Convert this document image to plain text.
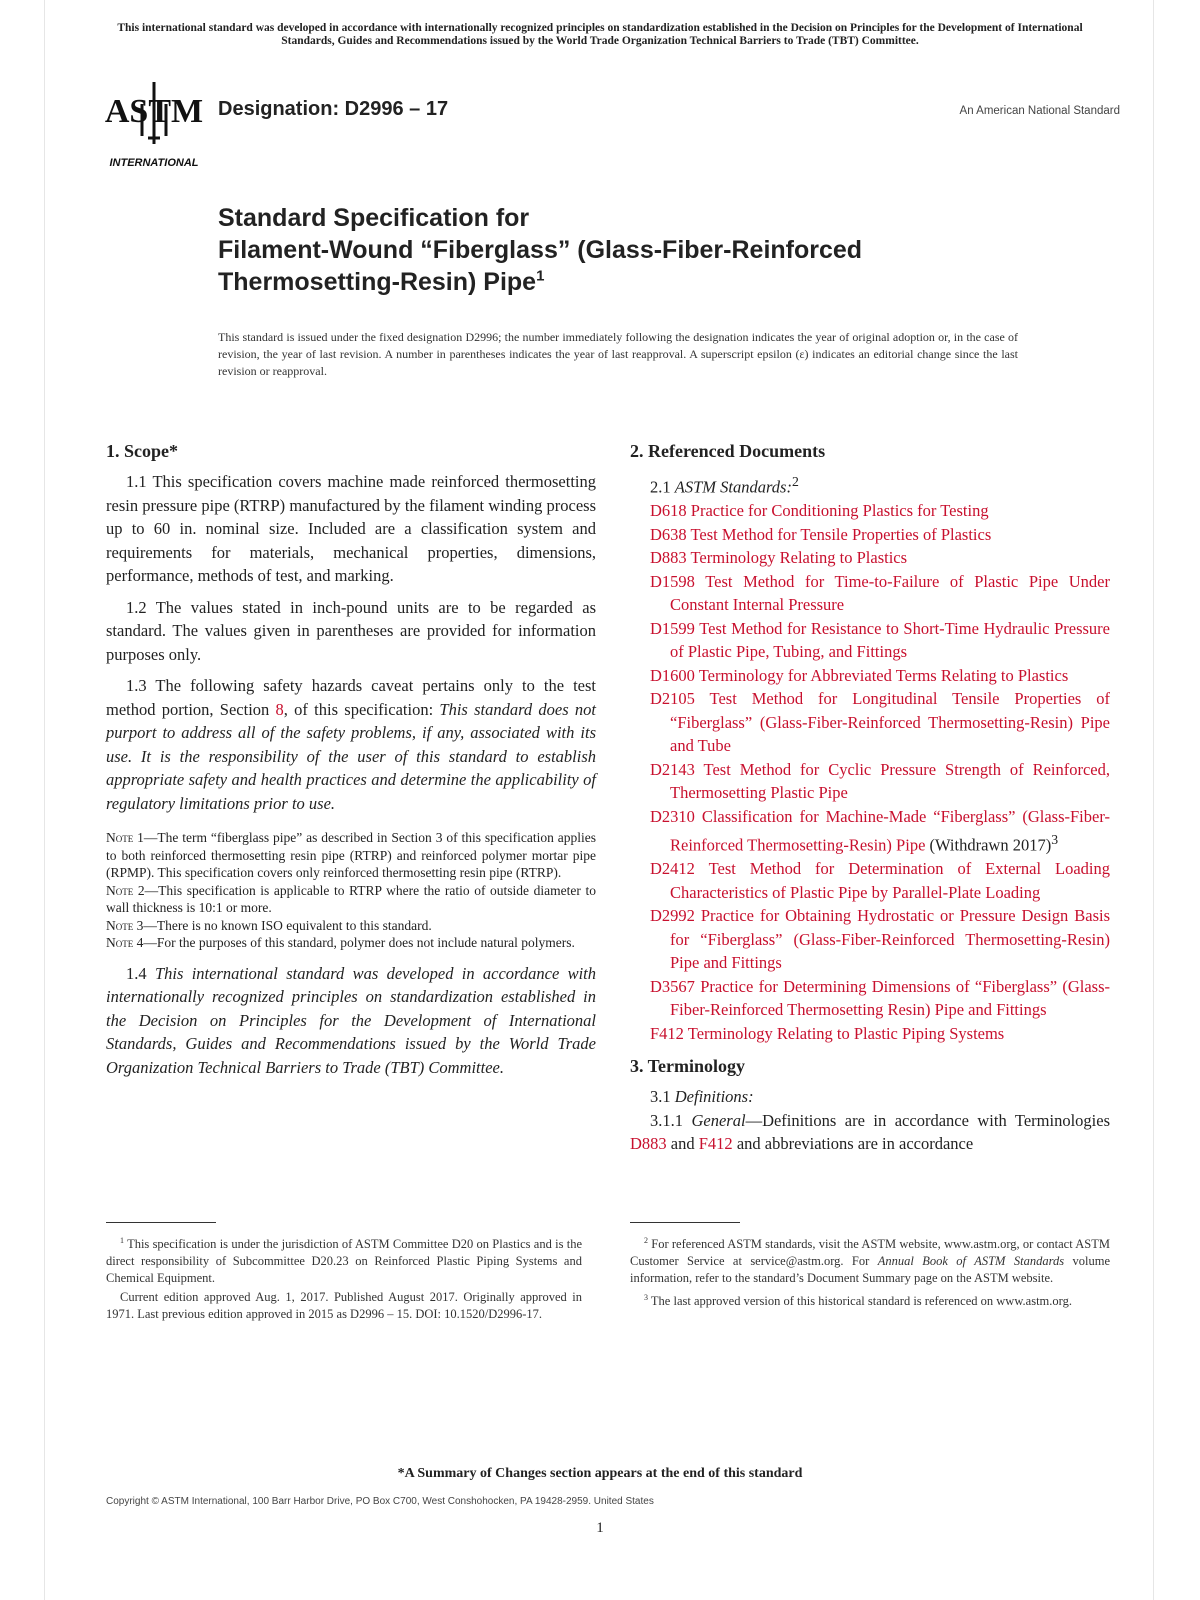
This international standard was developed in accordance with internationally recognized principles on standardization established in the Decision on Principles for the Development of International Standards, Guides and Recommendations issued by the World Trade Organization Technical Barriers to Trade (TBT) Committee.
ASTM
INTERNATIONAL
Designation: D2996 – 17	An American National Standard
Standard Specification for
Filament-Wound “Fiberglass” (Glass-Fiber-Reinforced
Thermosetting-Resin) Pipe$^1$
This standard is issued under the fixed designation D2996; the number immediately following the designation indicates the year of original adoption or, in the case of revision, the year of last revision. A number in parentheses indicates the year of last reapproval. A superscript epsilon (ε) indicates an editorial change since the last revision or reapproval.
1. Scope*

1.1 This specification covers machine made reinforced thermosetting resin pressure pipe (RTRP) manufactured by the filament winding process up to 60 in. nominal size. Included are a classification system and requirements for materials, mechanical properties, dimensions, performance, methods of test, and marking.

1.2 The values stated in inch-pound units are to be regarded as standard. The values given in parentheses are provided for information purposes only.

1.3 The following safety hazards caveat pertains only to the test method portion, Section 8, of this specification: This standard does not purport to address all of the safety problems, if any, associated with its use. It is the responsibility of the user of this standard to establish appropriate safety and health practices and determine the applicability of regulatory limitations prior to use.

Note 1—The term “fiberglass pipe” as described in Section 3 of this specification applies to both reinforced thermosetting resin pipe (RTRP) and reinforced polymer mortar pipe (RPMP). This specification covers only reinforced thermosetting resin pipe (RTRP).

Note 2—This specification is applicable to RTRP where the ratio of outside diameter to wall thickness is 10:1 or more.

Note 3—There is no known ISO equivalent to this standard.

Note 4—For the purposes of this standard, polymer does not include natural polymers.

1.4 This international standard was developed in accordance with internationally recognized principles on standardization established in the Decision on Principles for the Development of International Standards, Guides and Recommendations issued by the World Trade Organization Technical Barriers to Trade (TBT) Committee.

2. Referenced Documents

2.1 ASTM Standards:$^2$

D618 Practice for Conditioning Plastics for Testing

D638 Test Method for Tensile Properties of Plastics

D883 Terminology Relating to Plastics

D1598 Test Method for Time-to-Failure of Plastic Pipe Under Constant Internal Pressure

D1599 Test Method for Resistance to Short-Time Hydraulic Pressure of Plastic Pipe, Tubing, and Fittings

D1600 Terminology for Abbreviated Terms Relating to Plastics

D2105 Test Method for Longitudinal Tensile Properties of “Fiberglass” (Glass-Fiber-Reinforced Thermosetting-Resin) Pipe and Tube

D2143 Test Method for Cyclic Pressure Strength of Reinforced, Thermosetting Plastic Pipe

D2310 Classification for Machine-Made “Fiberglass” (Glass-Fiber-Reinforced Thermosetting-Resin) Pipe (Withdrawn 2017)$^3$

D2412 Test Method for Determination of External Loading Characteristics of Plastic Pipe by Parallel-Plate Loading

D2992 Practice for Obtaining Hydrostatic or Pressure Design Basis for “Fiberglass” (Glass-Fiber-Reinforced Thermosetting-Resin) Pipe and Fittings

D3567 Practice for Determining Dimensions of “Fiberglass” (Glass-Fiber-Reinforced Thermosetting Resin) Pipe and Fittings

F412 Terminology Relating to Plastic Piping Systems

3. Terminology

3.1 Definitions:

3.1.1 General—Definitions are in accordance with Terminologies D883 and F412 and abbreviations are in accordance

$^1$ This specification is under the jurisdiction of ASTM Committee D20 on Plastics and is the direct responsibility of Subcommittee D20.23 on Reinforced Plastic Piping Systems and Chemical Equipment.

Current edition approved Aug. 1, 2017. Published August 2017. Originally approved in 1971. Last previous edition approved in 2015 as D2996 – 15. DOI: 10.1520/D2996-17.

$^2$ For referenced ASTM standards, visit the ASTM website, www.astm.org, or contact ASTM Customer Service at service@astm.org. For Annual Book of ASTM Standards volume information, refer to the standard’s Document Summary page on the ASTM website.

$^3$ The last approved version of this historical standard is referenced on www.astm.org.

*A Summary of Changes section appears at the end of this standard
Copyright © ASTM International, 100 Barr Harbor Drive, PO Box C700, West Conshohocken, PA 19428-2959. United States
1
